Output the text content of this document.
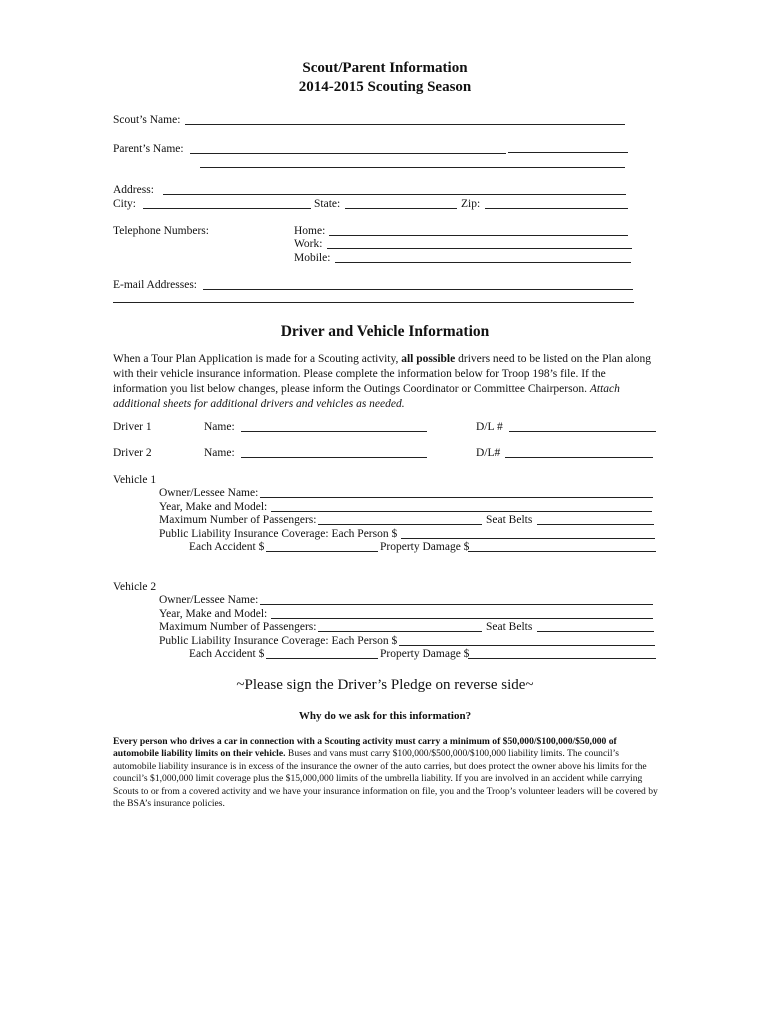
Scout/Parent Information
2014-2015 Scouting Season
Scout’s Name:
Parent’s Name:
Address:
City:	State:	Zip:
Telephone Numbers:	Home:
Work:
Mobile:
E-mail Addresses:
Driver and Vehicle Information
When a Tour Plan Application is made for a Scouting activity, all possible drivers need to be listed on the Plan along with their vehicle insurance information. Please complete the information below for Troop 198’s file. If the information you list below changes, please inform the Outings Coordinator or Committee Chairperson. Attach additional sheets for additional drivers and vehicles as needed.
Driver 1	Name:	D/L #
Driver 2	Name:	D/L#
Vehicle 1
Owner/Lessee Name:
Year, Make and Model:
Maximum Number of Passengers:	Seat Belts
Public Liability Insurance Coverage: Each Person $
Each Accident $	Property Damage $
Vehicle 2
Owner/Lessee Name:
Year, Make and Model:
Maximum Number of Passengers:	Seat Belts
Public Liability Insurance Coverage: Each Person $
Each Accident $	Property Damage $
~Please sign the Driver’s Pledge on reverse side~
Why do we ask for this information?
Every person who drives a car in connection with a Scouting activity must carry a minimum of $50,000/$100,000/$50,000 of automobile liability limits on their vehicle. Buses and vans must carry $100,000/$500,000/$100,000 liability limits. The council’s automobile liability insurance is in excess of the insurance the owner of the auto carries, but does protect the owner above his limits for the council’s $1,000,000 limit coverage plus the $15,000,000 limits of the umbrella liability. If you are involved in an accident while carrying Scouts to or from a covered activity and we have your insurance information on file, you and the Troop’s volunteer leaders will be covered by the BSA’s insurance policies.
